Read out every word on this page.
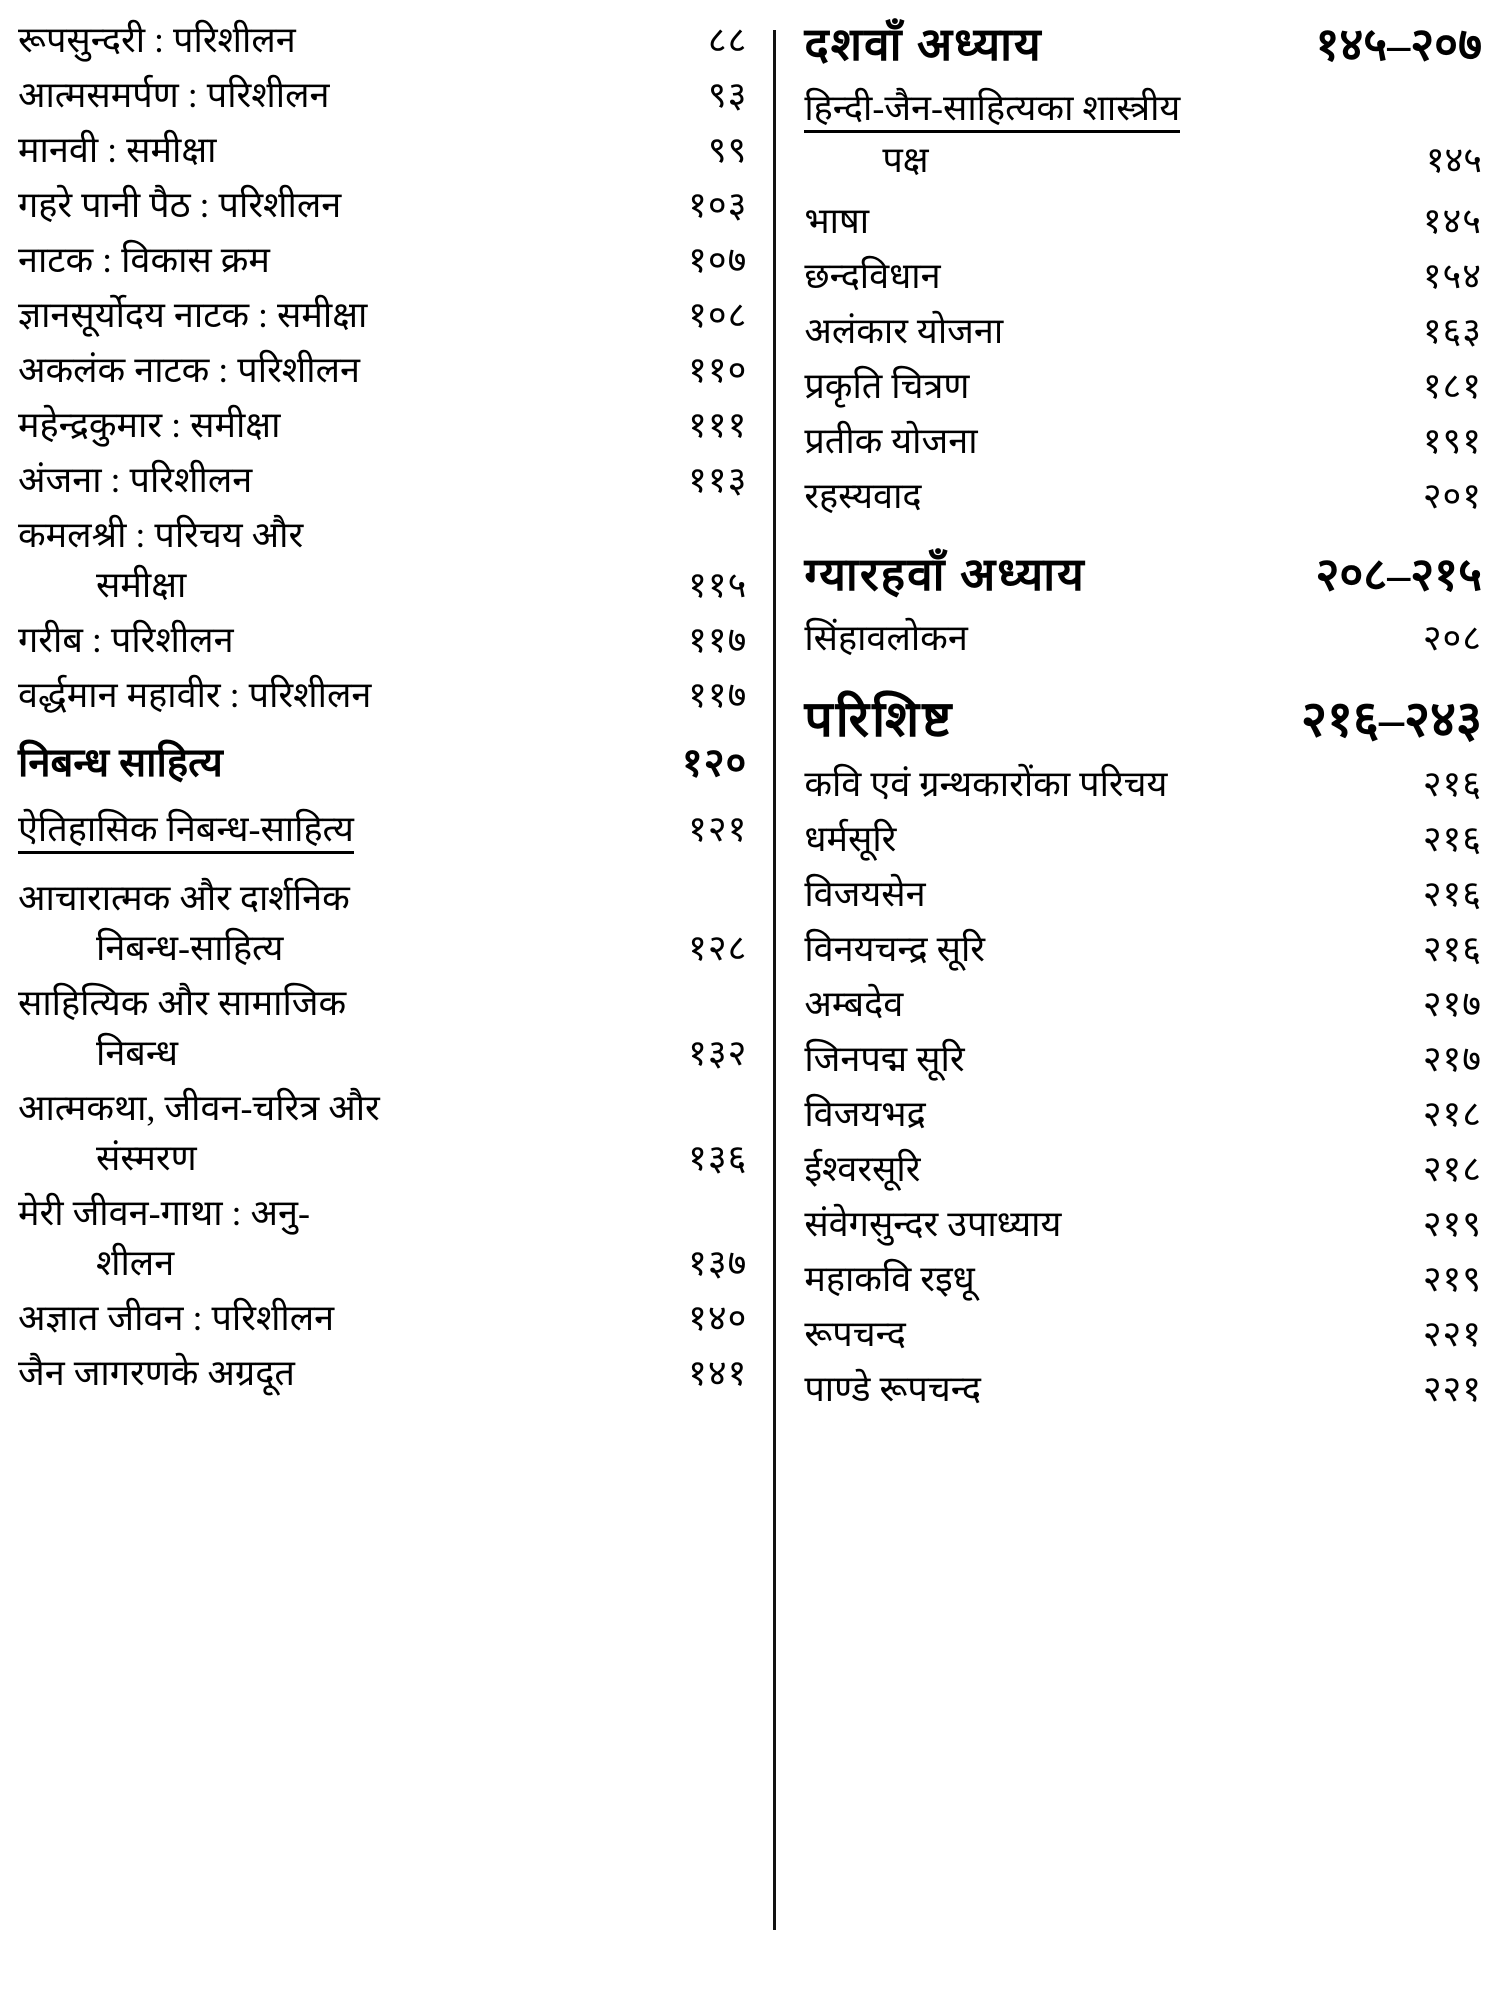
रूपसुन्दरी : परिशीलन	८८
आत्मसमर्पण : परिशीलन	९३
मानवी : समीक्षा	९९
गहरे पानी पैठ : परिशीलन	१०३
नाटक : विकास क्रम	१०७
ज्ञानसूर्योदय नाटक : समीक्षा	१०८
अकलंक नाटक : परिशीलन	११०
महेन्द्रकुमार : समीक्षा	१११
अंजना : परिशीलन	११३
कमलश्री : परिचय और
समीक्षा	११५
गरीब : परिशीलन	११७
वर्द्धमान महावीर : परिशीलन	११७
निबन्ध साहित्य	१२०
ऐतिहासिक निबन्ध-साहित्य	१२१
आचारात्मक और दार्शनिक
निबन्ध-साहित्य	१२८
साहित्यिक और सामाजिक
निबन्ध	१३२
आत्मकथा, जीवन-चरित्र और
संस्मरण	१३६
मेरी जीवन-गाथा : अनु-
शीलन	१३७
अज्ञात जीवन : परिशीलन	१४०
जैन जागरणके अग्रदूत	१४१
दशवाँ अध्याय	१४५–२०७
हिन्दी-जैन-साहित्यका शास्त्रीय
पक्ष	१४५
भाषा	१४५
छन्दविधान	१५४
अलंकार योजना	१६३
प्रकृति चित्रण	१८१
प्रतीक योजना	१९१
रहस्यवाद	२०१
ग्यारहवाँ अध्याय	२०८–२१५
सिंहावलोकन	२०८
परिशिष्ट	२१६–२४३
कवि एवं ग्रन्थकारोंका परिचय	२१६
धर्मसूरि	२१६
विजयसेन	२१६
विनयचन्द्र सूरि	२१६
अम्बदेव	२१७
जिनपद्म सूरि	२१७
विजयभद्र	२१८
ईश्वरसूरि	२१८
संवेगसुन्दर उपाध्याय	२१९
महाकवि रइधू	२१९
रूपचन्द	२२१
पाण्डे रूपचन्द	२२१
